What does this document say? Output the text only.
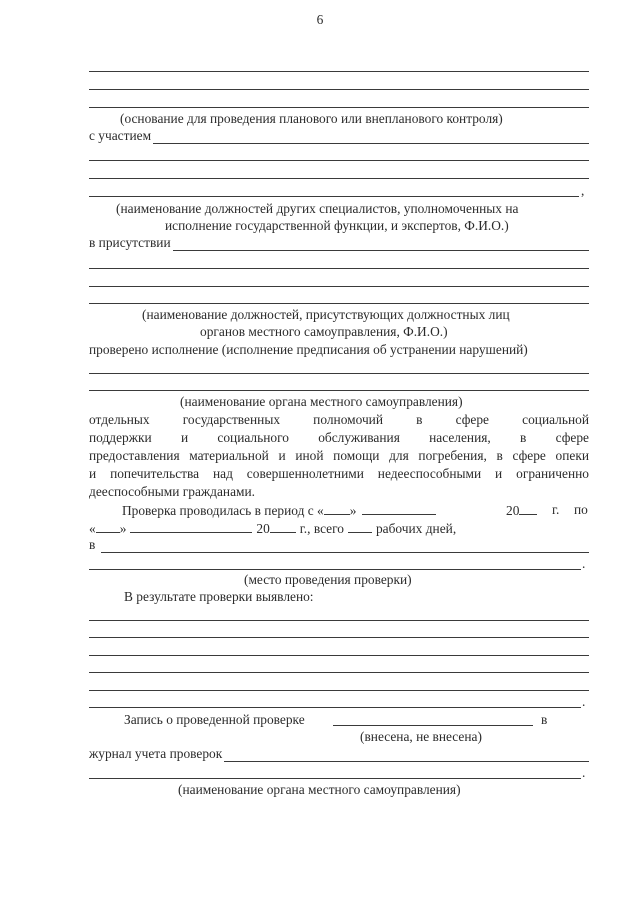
6
(основание для проведения планового или внепланового контроля)
с участием
,
(наименование должностей других специалистов, уполномоченных на
исполнение государственной функции, и экспертов, Ф.И.О.)
в присутствии
(наименование должностей, присутствующих должностных лиц
органов местного самоуправления, Ф.И.О.)
проверено исполнение (исполнение предписания об устранении нарушений)
(наименование органа местного самоуправления)
отдельных государственных полномочий в сфере социальной
поддержки и социального обслуживания населения, в сфере
предоставления материальной и иной помощи для погребения, в сфере опеки
и попечительства над совершеннолетними недееспособными и ограниченно
дееспособными гражданами.
Проверка проводилась в период с « »	20	г. по
« »	20 г., всего рабочих дней,
в
.
(место проведения проверки)
В результате проверки выявлено:
.
Запись о проведенной проверке	в
(внесена, не внесена)
журнал учета проверок
.
(наименование органа местного самоуправления)
